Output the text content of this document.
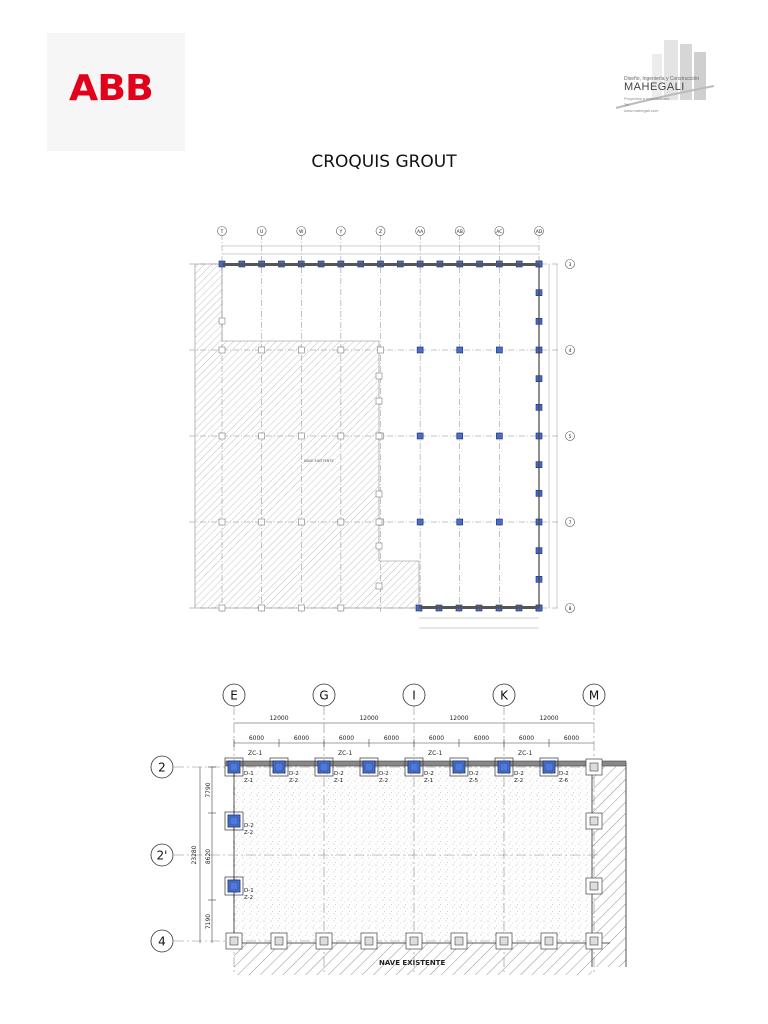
ABB	Diseño, Ingeniería y Construcción
MAHEGALI
Proyectos e instalaciones
Tel.
www.mahegali.com
CROQUIS GROUT
T	U	W	Y	Z	AA	AB	AC	AD
3
4
5
7
8
NAVE EXISTENTE
12000	12000	12000	12000
6000	6000	6000	6000	6000	6000	6000	6000
ZC-1	ZC-1	ZC-1	ZC-1
23280
7790
8620
7190
E	G	I	K	M
2
2'
4
D-1
Z-1
D-2
Z-2
D-2
Z-1
D-2
Z-2
D-2
Z-1
D-2
Z-5
D-2
Z-2
D-2
Z-6
D-2
Z-2
D-1
Z-2
NAVE EXISTENTE
